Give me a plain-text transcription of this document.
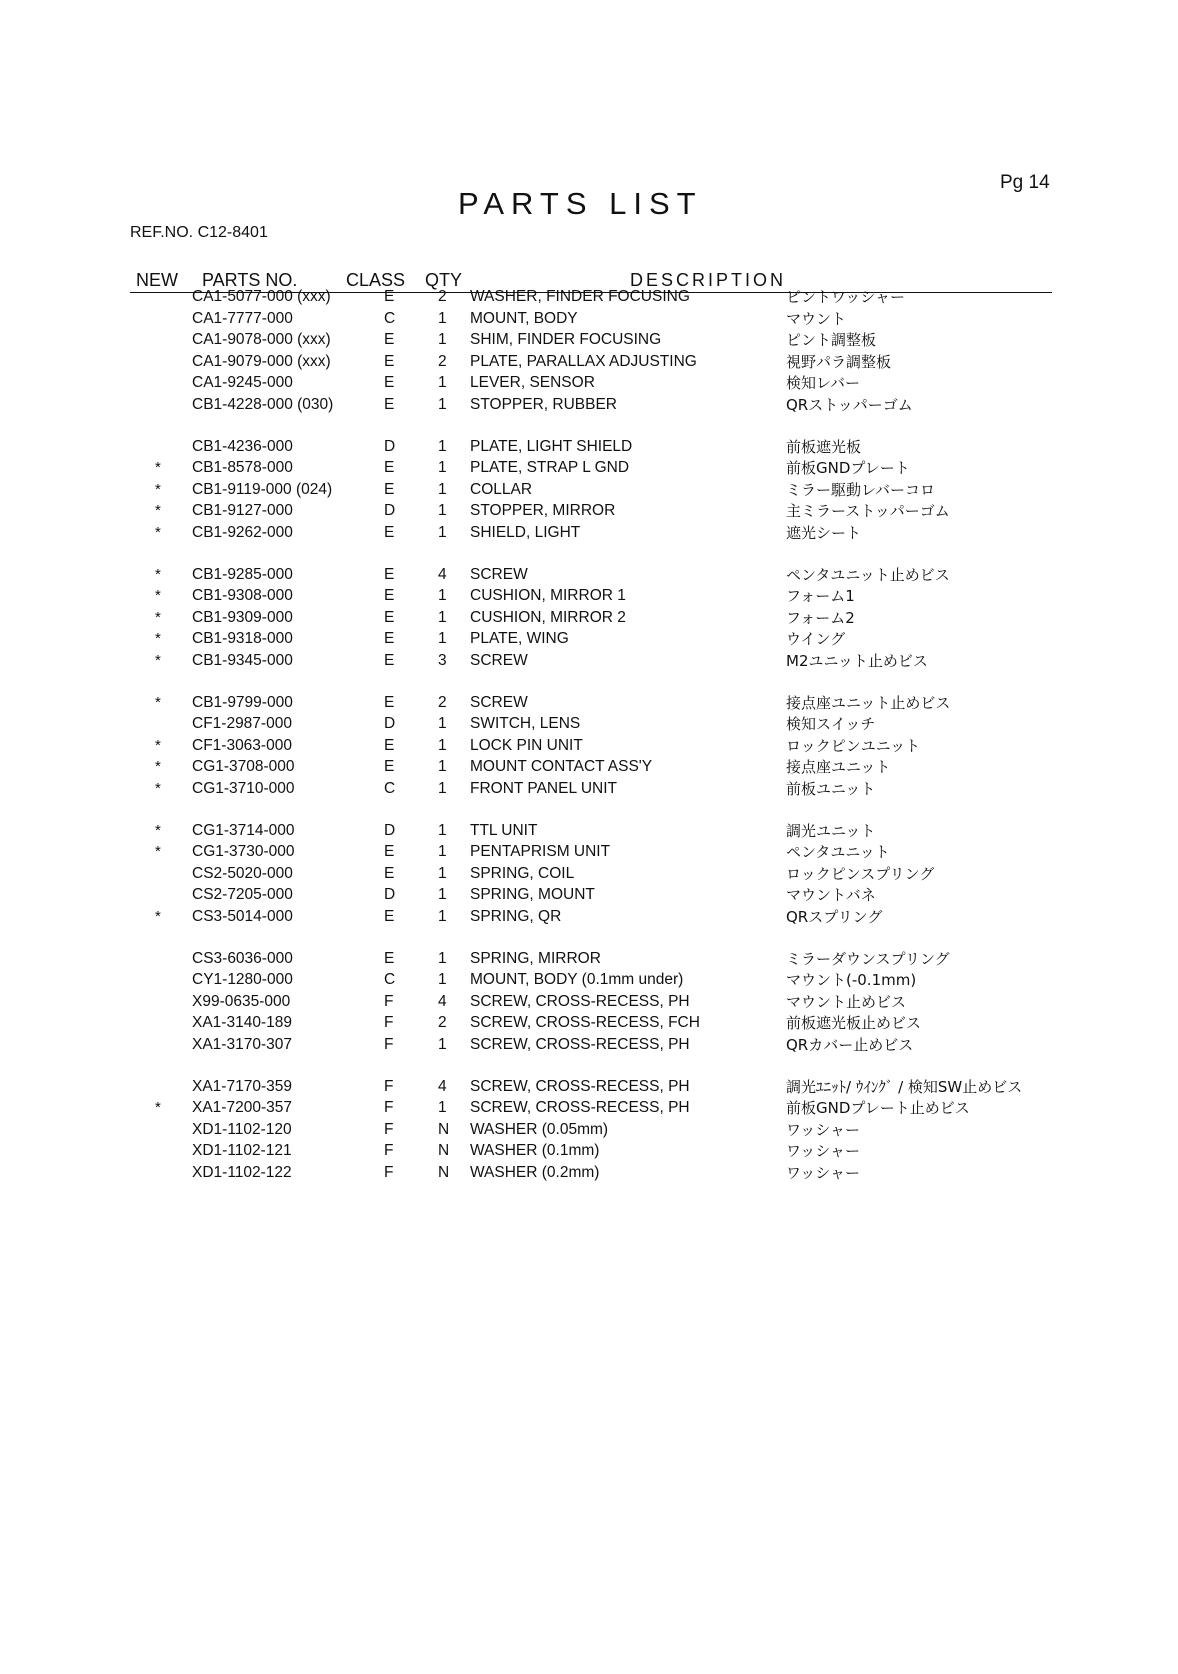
Pg 14
PARTS LIST
REF.NO. C12-8401
NEW PARTS NO.	CLASS QTY	DESCRIPTION
CA1-5077-000 (xxx)	E	2 WASHER, FINDER FOCUSING	ピントワッシャー
CA1-7777-000	C	1 MOUNT, BODY	マウント
CA1-9078-000 (xxx)	E	1 SHIM, FINDER FOCUSING	ピント調整板
CA1-9079-000 (xxx)	E	2 PLATE, PARALLAX ADJUSTING	視野パラ調整板
CA1-9245-000	E	1 LEVER, SENSOR	検知レバー
CB1-4228-000 (030)	E	1 STOPPER, RUBBER	QRストッパーゴム
CB1-4236-000	D	1 PLATE, LIGHT SHIELD	前板遮光板
* CB1-8578-000	E	1 PLATE, STRAP L GND	前板GNDプレート
* CB1-9119-000 (024)	E	1 COLLAR	ミラー駆動レバーコロ
* CB1-9127-000	D	1 STOPPER, MIRROR	主ミラーストッパーゴム
* CB1-9262-000	E	1 SHIELD, LIGHT	遮光シート
* CB1-9285-000	E	4 SCREW	ペンタユニット止めビス
* CB1-9308-000	E	1 CUSHION, MIRROR 1	フォーム1
* CB1-9309-000	E	1 CUSHION, MIRROR 2	フォーム2
* CB1-9318-000	E	1 PLATE, WING	ウイング
* CB1-9345-000	E	3 SCREW	M2ユニット止めビス
* CB1-9799-000	E	2 SCREW	接点座ユニット止めビス
CF1-2987-000	D	1 SWITCH, LENS	検知スイッチ
* CF1-3063-000	E	1 LOCK PIN UNIT	ロックピンユニット
* CG1-3708-000	E	1 MOUNT CONTACT ASS'Y	接点座ユニット
* CG1-3710-000	C	1 FRONT PANEL UNIT	前板ユニット
* CG1-3714-000	D	1 TTL UNIT	調光ユニット
* CG1-3730-000	E	1 PENTAPRISM UNIT	ペンタユニット
CS2-5020-000	E	1 SPRING, COIL	ロックピンスプリング
CS2-7205-000	D	1 SPRING, MOUNT	マウントバネ
* CS3-5014-000	E	1 SPRING, QR	QRスプリング
CS3-6036-000	E	1 SPRING, MIRROR	ミラーダウンスプリング
CY1-1280-000	C	1 MOUNT, BODY (0.1mm under)	マウント(-0.1mm)
X99-0635-000	F	4 SCREW, CROSS-RECESS, PH	マウント止めビス
XA1-3140-189	F	2 SCREW, CROSS-RECESS, FCH	前板遮光板止めビス
XA1-3170-307	F	1 SCREW, CROSS-RECESS, PH	QRカバー止めビス
XA1-7170-359	F	4 SCREW, CROSS-RECESS, PH	調光ﾕﾆｯﾄ/ ｳｲﾝｸﾞ / 検知SW止めビス
* XA1-7200-357	F	1 SCREW, CROSS-RECESS, PH	前板GNDプレート止めビス
XD1-1102-120	F	N WASHER (0.05mm)	ワッシャー
XD1-1102-121	F	N WASHER (0.1mm)	ワッシャー
XD1-1102-122	F	N WASHER (0.2mm)	ワッシャー
